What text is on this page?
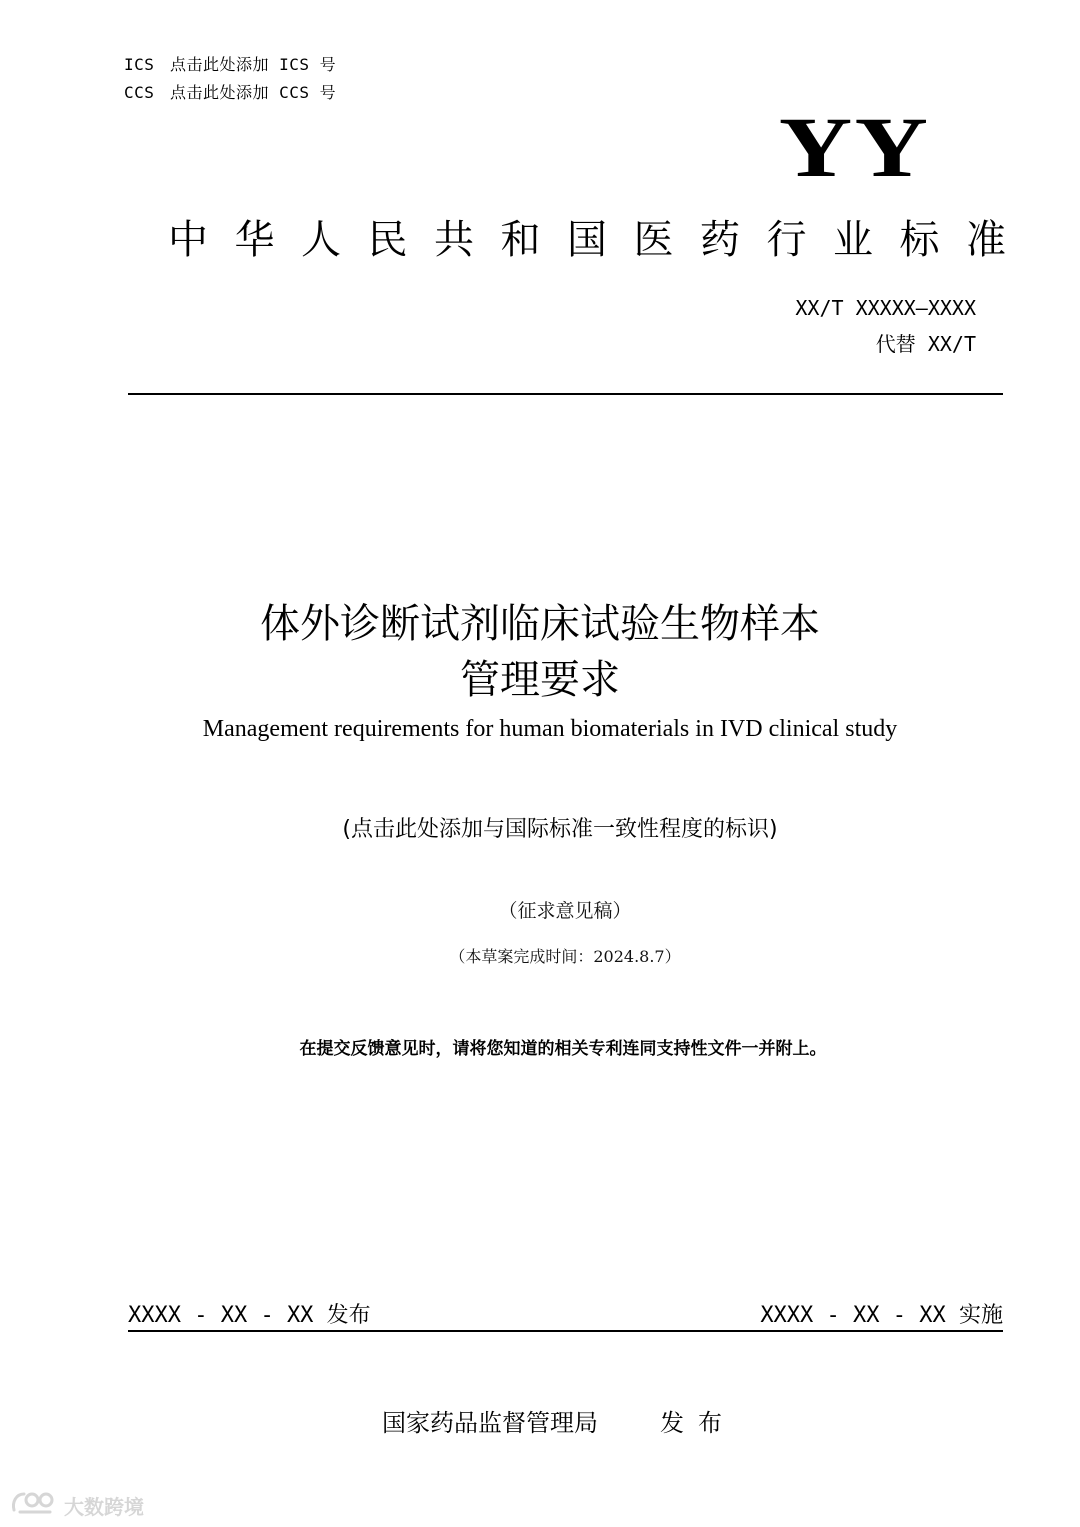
ICS 点击此处添加 ICS 号
CCS 点击此处添加 CCS 号
YY
中华人民共和国医药行业标准
XX/T XXXXX—XXXX
代替 XX/T
体外诊断试剂临床试验生物样本
管理要求
Management requirements for human biomaterials in IVD clinical study
(点击此处添加与国际标准一致性程度的标识)
（征求意见稿）
（本草案完成时间：2024.8.7）
在提交反馈意见时，请将您知道的相关专利连同支持性文件一并附上。
XXXX - XX - XX 发布	XXXX - XX - XX 实施
国家药品监督管理局	发布
大数跨境
